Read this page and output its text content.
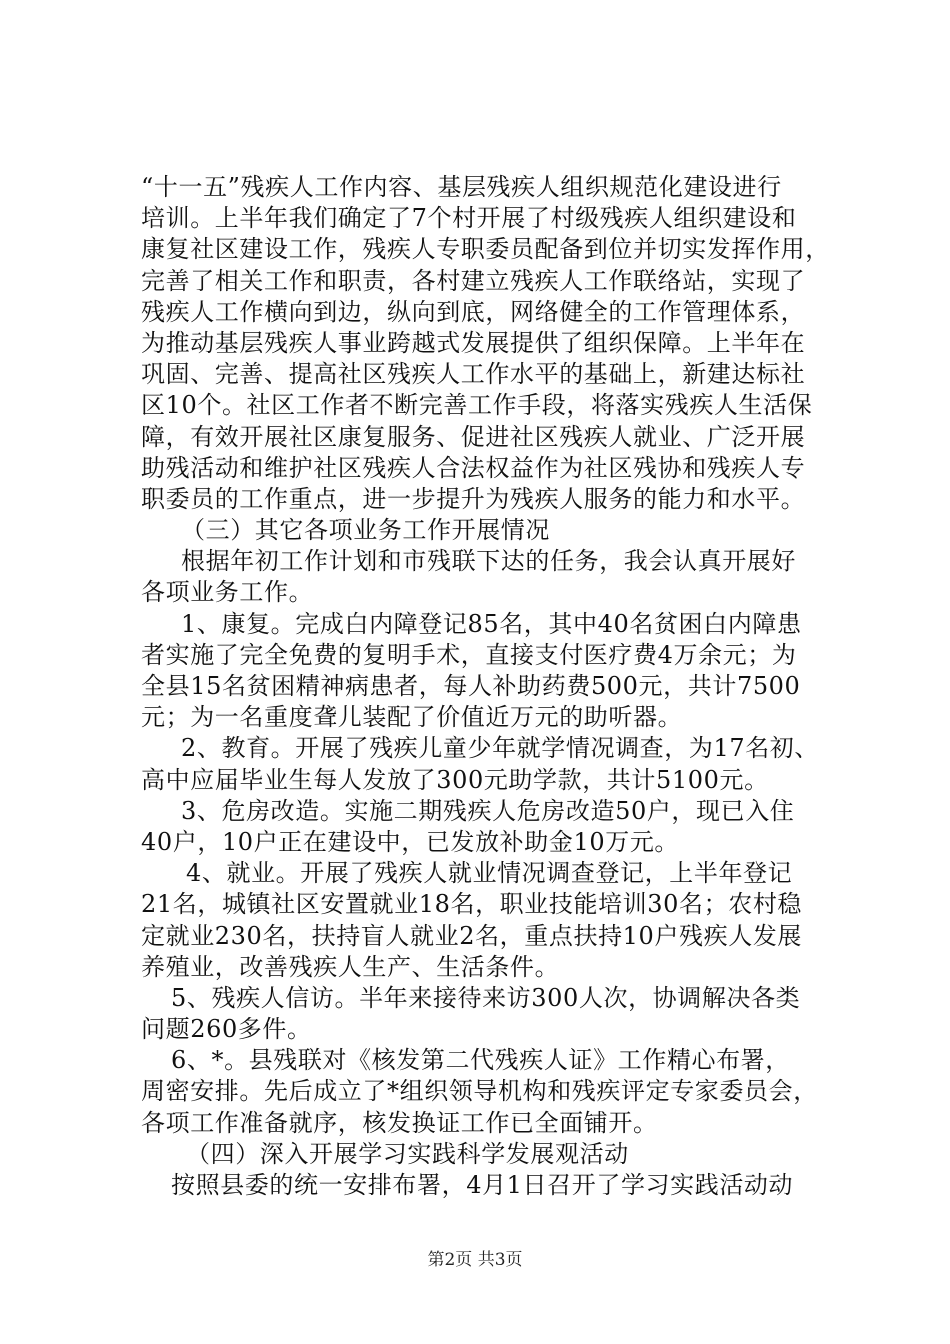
“十一五”残疾人工作内容、基层残疾人组织规范化建设进行
培训。上半年我们确定了7个村开展了村级残疾人组织建设和
康复社区建设工作，残疾人专职委员配备到位并切实发挥作用，
完善了相关工作和职责，各村建立残疾人工作联络站，实现了
残疾人工作横向到边，纵向到底，网络健全的工作管理体系，
为推动基层残疾人事业跨越式发展提供了组织保障。上半年在
巩固、完善、提高社区残疾人工作水平的基础上，新建达标社
区10个。社区工作者不断完善工作手段，将落实残疾人生活保
障，有效开展社区康复服务、促进社区残疾人就业、广泛开展
助残活动和维护社区残疾人合法权益作为社区残协和残疾人专
职委员的工作重点，进一步提升为残疾人服务的能力和水平。
（三）其它各项业务工作开展情况
根据年初工作计划和市残联下达的任务，我会认真开展好
各项业务工作。
1、康复。完成白内障登记85名，其中40名贫困白内障患
者实施了完全免费的复明手术，直接支付医疗费4万余元；为
全县15名贫困精神病患者，每人补助药费500元，共计7500
元；为一名重度聋儿装配了价值近万元的助听器。
2、教育。开展了残疾儿童少年就学情况调查，为17名初、
高中应届毕业生每人发放了300元助学款，共计5100元。
3、危房改造。实施二期残疾人危房改造50户，现已入住
40户，10户正在建设中，已发放补助金10万元。
4、就业。开展了残疾人就业情况调查登记，上半年登记
21名，城镇社区安置就业18名，职业技能培训30名；农村稳
定就业230名，扶持盲人就业2名，重点扶持10户残疾人发展
养殖业，改善残疾人生产、生活条件。
5、残疾人信访。半年来接待来访300人次，协调解决各类
问题260多件。
6、*。县残联对《核发第二代残疾人证》工作精心布署，
周密安排。先后成立了*组织领导机构和残疾评定专家委员会，
各项工作准备就序，核发换证工作已全面铺开。
（四）深入开展学习实践科学发展观活动
按照县委的统一安排布署，4月1日召开了学习实践活动动
第2页 共3页
